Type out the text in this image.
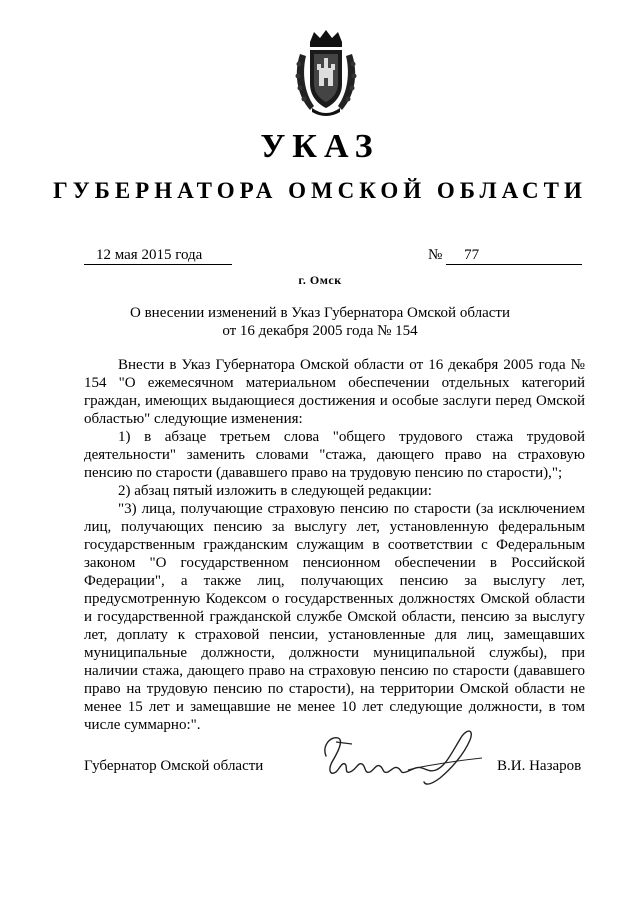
УКАЗ
ГУБЕРНАТОРА ОМСКОЙ ОБЛАСТИ
12 мая 2015 года	№ 77
г. Омск
О внесении изменений в Указ Губернатора Омской области
от 16 декабря 2005 года № 154

Внести в Указ Губернатора Омской области от 16 декабря 2005 года № 154 "О ежемесячном материальном обеспечении отдельных категорий граждан, имеющих выдающиеся достижения и особые заслуги перед Омской областью" следующие изменения:

1) в абзаце третьем слова "общего трудового стажа трудовой деятельности" заменить словами "стажа, дающего право на страховую пенсию по старости (дававшего право на трудовую пенсию по старости),";

2) абзац пятый изложить в следующей редакции:

"3) лица, получающие страховую пенсию по старости (за исключением лиц, получающих пенсию за выслугу лет, установленную федеральным государственным гражданским служащим в соответствии с Федеральным законом "О государственном пенсионном обеспечении в Российской Федерации", а также лиц, получающих пенсию за выслугу лет, предусмотренную Кодексом о государственных должностях Омской области и государственной гражданской службе Омской области, пенсию за выслугу лет, доплату к страховой пенсии, установленные для лиц, замещавших муниципальные должности, должности муниципальной службы), при наличии стажа, дающего право на страховую пенсию по старости (дававшего право на трудовую пенсию по старости), на территории Омской области не менее 15 лет и замещавшие не менее 10 лет следующие должности, в том числе суммарно:".

Губернатор Омской области	В.И. Назаров
